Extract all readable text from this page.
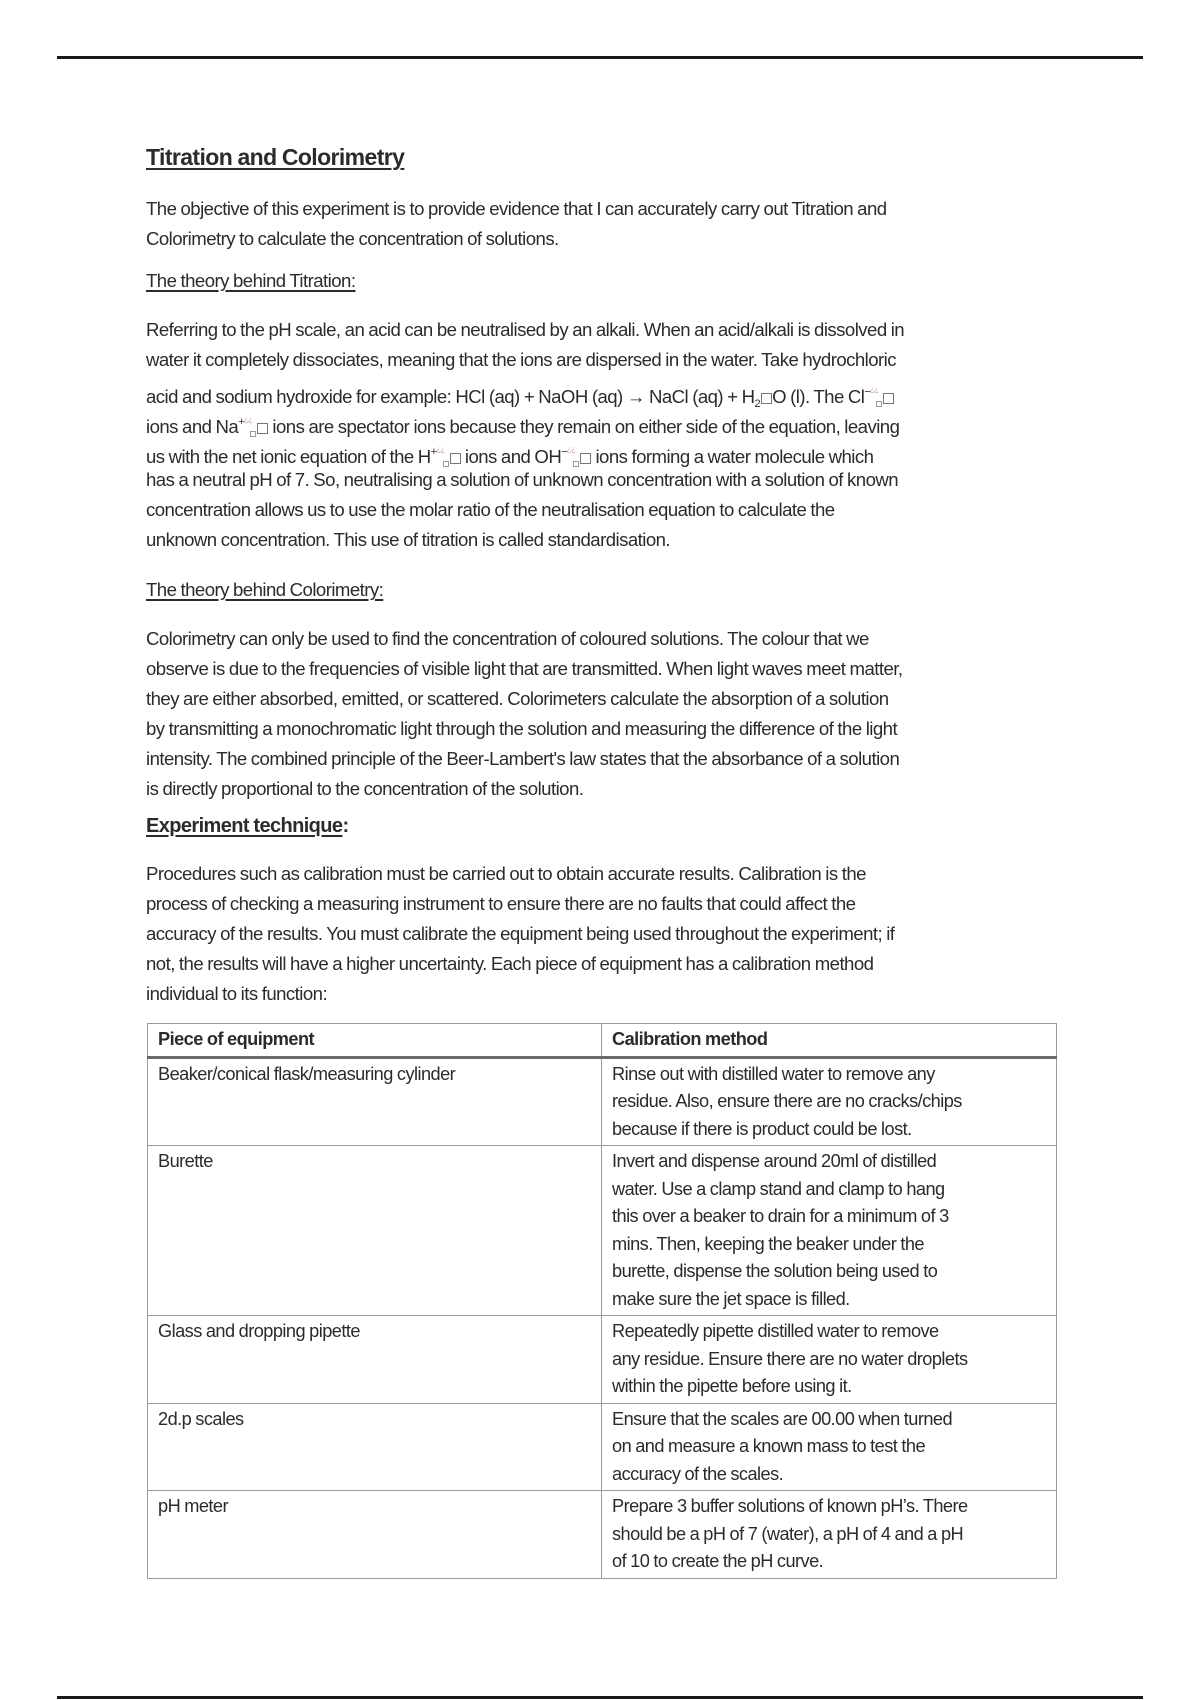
Titration and Colorimetry
The objective of this experiment is to provide evidence that I can accurately carry out Titration and
Colorimetry to calculate the concentration of solutions.
The theory behind Titration:
Referring to the pH scale, an acid can be neutralised by an alkali. When an acid/alkali is dissolved in
water it completely dissociates, meaning that the ions are dispersed in the water. Take hydrochloric
acid and sodium hydroxide for example: HCl (aq) + NaOH (aq) → NaCl $(aq) + H_2$ O (l). The Cl−¿¿
ions and Na+¿¿ ions are spectator ions because they remain on either side of the equation, leaving
us with the net ionic equation of the H+¿¿ ions and OH−¿¿ ions forming a water molecule which
has a neutral pH of 7. So, neutralising a solution of unknown concentration with a solution of known
concentration allows us to use the molar ratio of the neutralisation equation to calculate the
unknown concentration. This use of titration is called standardisation.
The theory behind Colorimetry:
Colorimetry can only be used to find the concentration of coloured solutions. The colour that we
observe is due to the frequencies of visible light that are transmitted. When light waves meet matter,
they are either absorbed, emitted, or scattered. Colorimeters calculate the absorption of a solution
by transmitting a monochromatic light through the solution and measuring the difference of the light
intensity. The combined principle of the Beer-Lambert's law states that the absorbance of a solution
is directly proportional to the concentration of the solution.
Experiment technique:
Procedures such as calibration must be carried out to obtain accurate results. Calibration is the
process of checking a measuring instrument to ensure there are no faults that could affect the
accuracy of the results. You must calibrate the equipment being used throughout the experiment; if
not, the results will have a higher uncertainty. Each piece of equipment has a calibration method
individual to its function:
Piece of equipment	Calibration method
Beaker/conical flask/measuring cylinder	Rinse out with distilled water to remove any
residue. Also, ensure there are no cracks/chips
because if there is product could be lost.

Burette	Invert and dispense around 20ml of distilled
water. Use a clamp stand and clamp to hang
this over a beaker to drain for a minimum of 3
mins. Then, keeping the beaker under the
burette, dispense the solution being used to
make sure the jet space is filled.

Glass and dropping pipette	Repeatedly pipette distilled water to remove
any residue. Ensure there are no water droplets
within the pipette before using it.

2d.p scales	Ensure that the scales are 00.00 when turned
on and measure a known mass to test the
accuracy of the scales.

pH meter	Prepare 3 buffer solutions of known pH’s. There
should be a pH of 7 (water), a pH of 4 and a pH
of 10 to create the pH curve.
